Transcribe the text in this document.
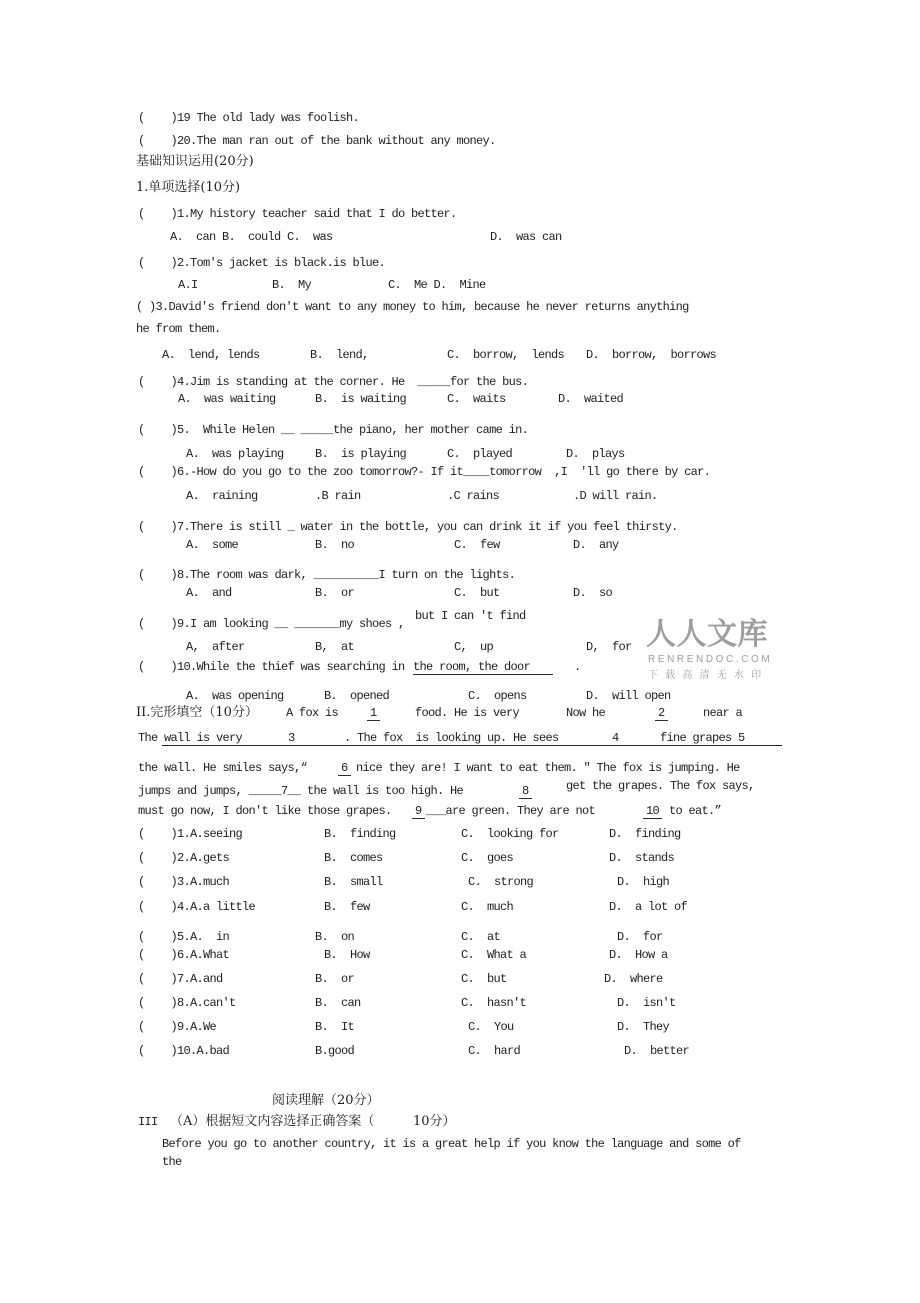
(    )19 The old lady was foolish.
(    )20.The man ran out of the bank without any money.
基础知识运用(20分)
1.单项选择(10分)
(    )1.My history teacher said that I do better.
A.  can B.  could C.  was	D.  was can
(    )2.Tom's jacket is black.is blue.
A.I	B.  My	C.  Me D.  Mine
( )3.David's friend don't want to any money to him, because he never returns anything
he from them.
A.  lend, lends	B.  lend,	C.  borrow,  lends D.  borrow,  borrows
(    )4.Jim is standing at the corner. He  _____for the bus.
A.  was waiting	B.  is waiting	C.  waits	D.  waited
(    )5.  While Helen __ _____the piano, her mother came in.
A.  was playing	B.  is playing	C.  played	D.  plays
(    )6.-How do you go to the zoo tomorrow?- If it____tomorrow  ,I  'll go there by car.
A.  raining	.B rain	.C rains	.D will rain.
(    )7.There is still _ water in the bottle, you can drink it if you feel thirsty.
A.  some	B.  no	C.  few	D.  any
(    )8.The room was dark, __________I turn on the lights.
A.  and	B.  or	C.  but	D.  so
but I can 't find
(    )9.I am looking __ _______my shoes ,
A,  after	B,  at	C,  up	D,  for
(    )10.While the thief was searching in the room, the door	.
A.  was opening	B.  opened	C.  opens	D.  will open
人人文库
RENRENDOC.COM
下 载 高 清 无 水 印
II.完形填空（10分） A fox is	1	food. He is very	Now he	2	near a
The wall is very	3	. The fox  is looking up. He sees	4	fine grapes 5
the wall. He smiles says,“	6 nice they are! I want to eat them. ″ The fox is jumping. He
jumps and jumps, _____7__ the wall is too high. He	8	get the grapes. The fox says,
must go now, I don't like those grapes. 9 ___are green. They are not	10 to eat.”
(    )1.A.seeing	B.  finding	C.  looking for	D.  finding
(    )2.A.gets	B.  comes	C.  goes	D.  stands
(    )3.A.much	B.  small	C.  strong	D.  high
(    )4.A.a little	B.  few	C.  much	D.  a lot of
(    )5.A.  in	B.  on	C.  at	D.  for
(    )6.A.What	B.  How	C.  What a	D.  How a
(    )7.A.and	B.  or	C.  but	D.  where
(    )8.A.can't	B.  can	C.  hasn't	D.  isn't
(    )9.A.We	B.  It	C.  You	D.  They
(    )10.A.bad	B.good	C.  hard	D.  better
阅读理解（20分）
III （A）根据短文内容选择正确答案（	10分）
Before you go to another country, it is a great help if you know the language and some of
the
